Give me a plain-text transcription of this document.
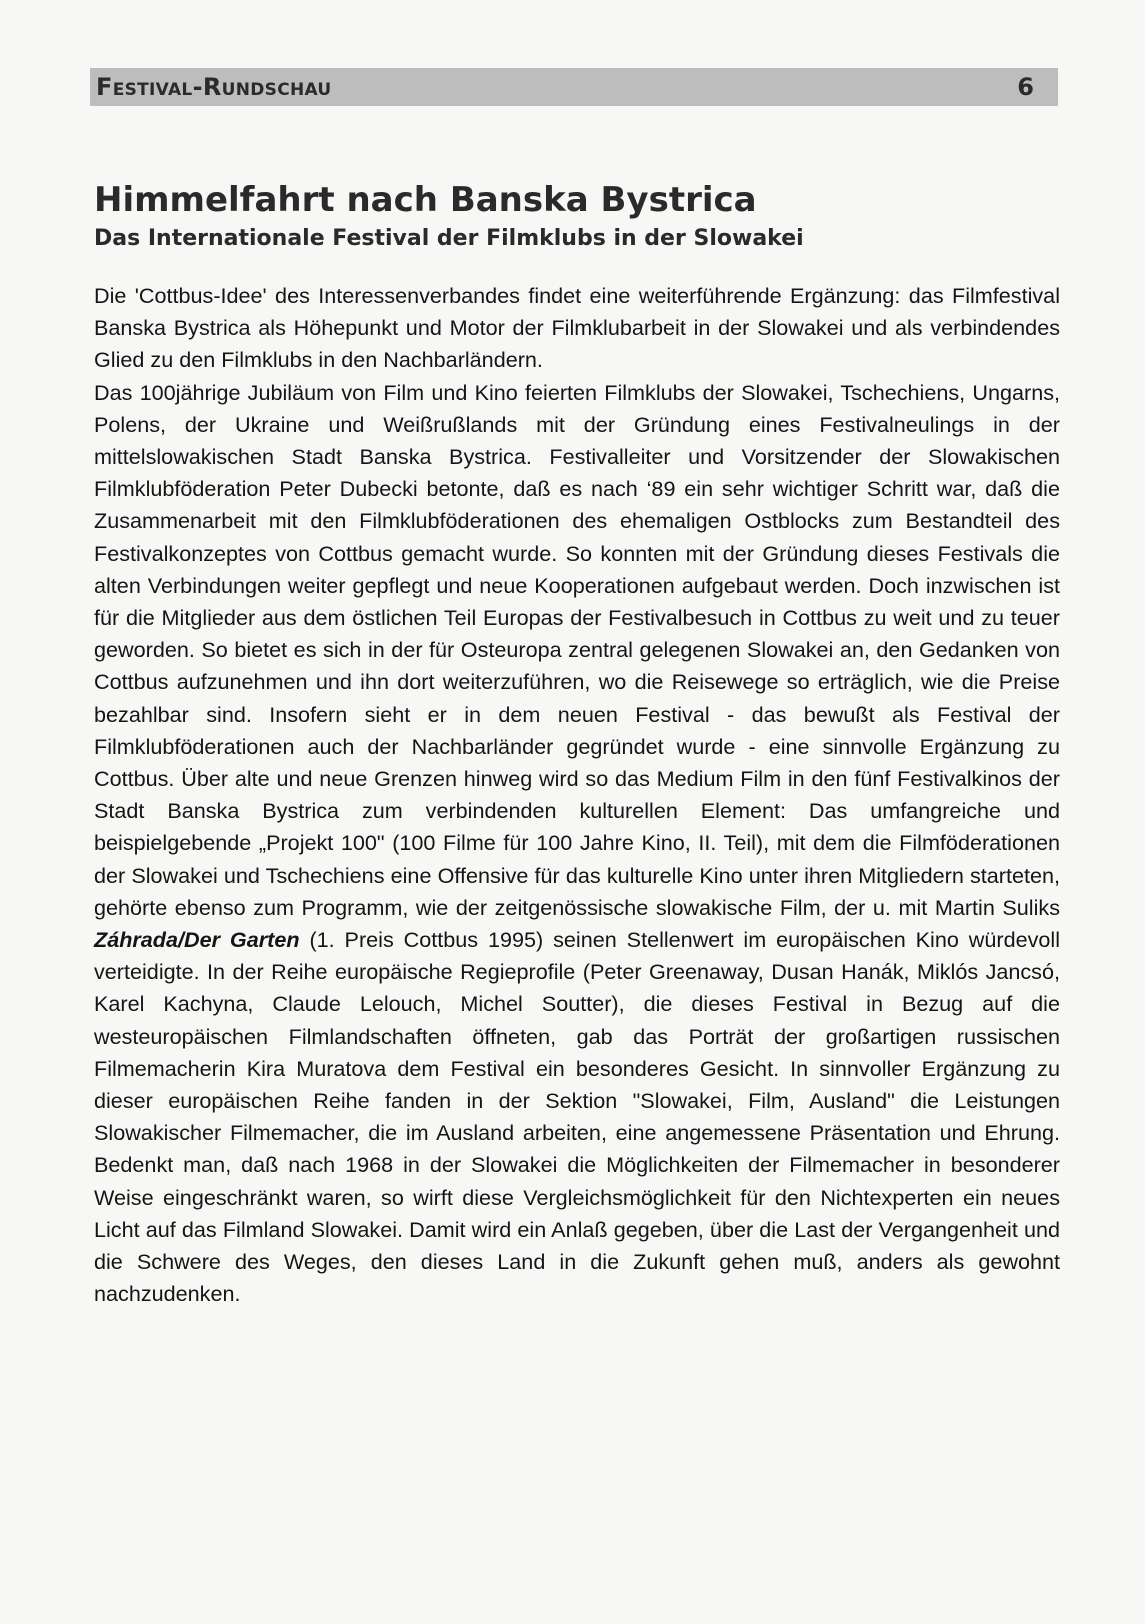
Festival-Rundschau	6
Himmelfahrt nach Banska Bystrica
Das Internationale Festival der Filmklubs in der Slowakei

Die 'Cottbus-Idee' des Interessenverbandes findet eine weiterführende Ergänzung: das Filmfestival Banska Bystrica als Höhepunkt und Motor der Filmklubarbeit in der Slowakei und als verbindendes Glied zu den Filmklubs in den Nachbarländern.

Das 100jährige Jubiläum von Film und Kino feierten Filmklubs der Slowakei, Tschechiens, Ungarns, Polens, der Ukraine und Weißrußlands mit der Gründung eines Festivalneulings in der mittelslowakischen Stadt Banska Bystrica. Festivalleiter und Vorsitzender der Slowakischen Filmklubföderation Peter Dubecki betonte, daß es nach ‘89 ein sehr wichtiger Schritt war, daß die Zusammenarbeit mit den Filmklubföderationen des ehemaligen Ostblocks zum Bestandteil des Festivalkonzeptes von Cottbus gemacht wurde. So konnten mit der Gründung dieses Festivals die alten Verbindungen weiter gepflegt und neue Kooperationen aufgebaut werden. Doch inzwischen ist für die Mitglieder aus dem östlichen Teil Europas der Festivalbesuch in Cottbus zu weit und zu teuer geworden. So bietet es sich in der für Osteuropa zentral gelegenen Slowakei an, den Gedanken von Cottbus aufzunehmen und ihn dort weiterzuführen, wo die Reisewege so erträglich, wie die Preise bezahlbar sind. Insofern sieht er in dem neuen Festival - das bewußt als Festival der Filmklubföderationen auch der Nachbarländer gegründet wurde - eine sinnvolle Ergänzung zu Cottbus. Über alte und neue Grenzen hinweg wird so das Medium Film in den fünf Festivalkinos der Stadt Banska Bystrica zum verbindenden kulturellen Element: Das umfangreiche und beispielgebende „Projekt 100" (100 Filme für 100 Jahre Kino, II. Teil), mit dem die Filmföderationen der Slowakei und Tschechiens eine Offensive für das kulturelle Kino unter ihren Mitgliedern starteten, gehörte ebenso zum Programm, wie der zeitgenössische slowakische Film, der u. mit Martin Suliks Záhrada/Der Garten (1. Preis Cottbus 1995) seinen Stellenwert im europäischen Kino würdevoll verteidigte. In der Reihe europäische Regieprofile (Peter Greenaway, Dusan Hanák, Miklós Jancsó, Karel Kachyna, Claude Lelouch, Michel Soutter), die dieses Festival in Bezug auf die westeuropäischen Filmlandschaften öffneten, gab das Porträt der großartigen russischen Filmemacherin Kira Muratova dem Festival ein besonderes Gesicht. In sinnvoller Ergänzung zu dieser europäischen Reihe fanden in der Sektion "Slowakei, Film, Ausland" die Leistungen Slowakischer Filmemacher, die im Ausland arbeiten, eine angemessene Präsentation und Ehrung. Bedenkt man, daß nach 1968 in der Slowakei die Möglichkeiten der Filmemacher in besonderer Weise eingeschränkt waren, so wirft diese Vergleichsmöglichkeit für den Nichtexperten ein neues Licht auf das Filmland Slowakei. Damit wird ein Anlaß gegeben, über die Last der Vergangenheit und die Schwere des Weges, den dieses Land in die Zukunft gehen muß, anders als gewohnt nachzudenken.
